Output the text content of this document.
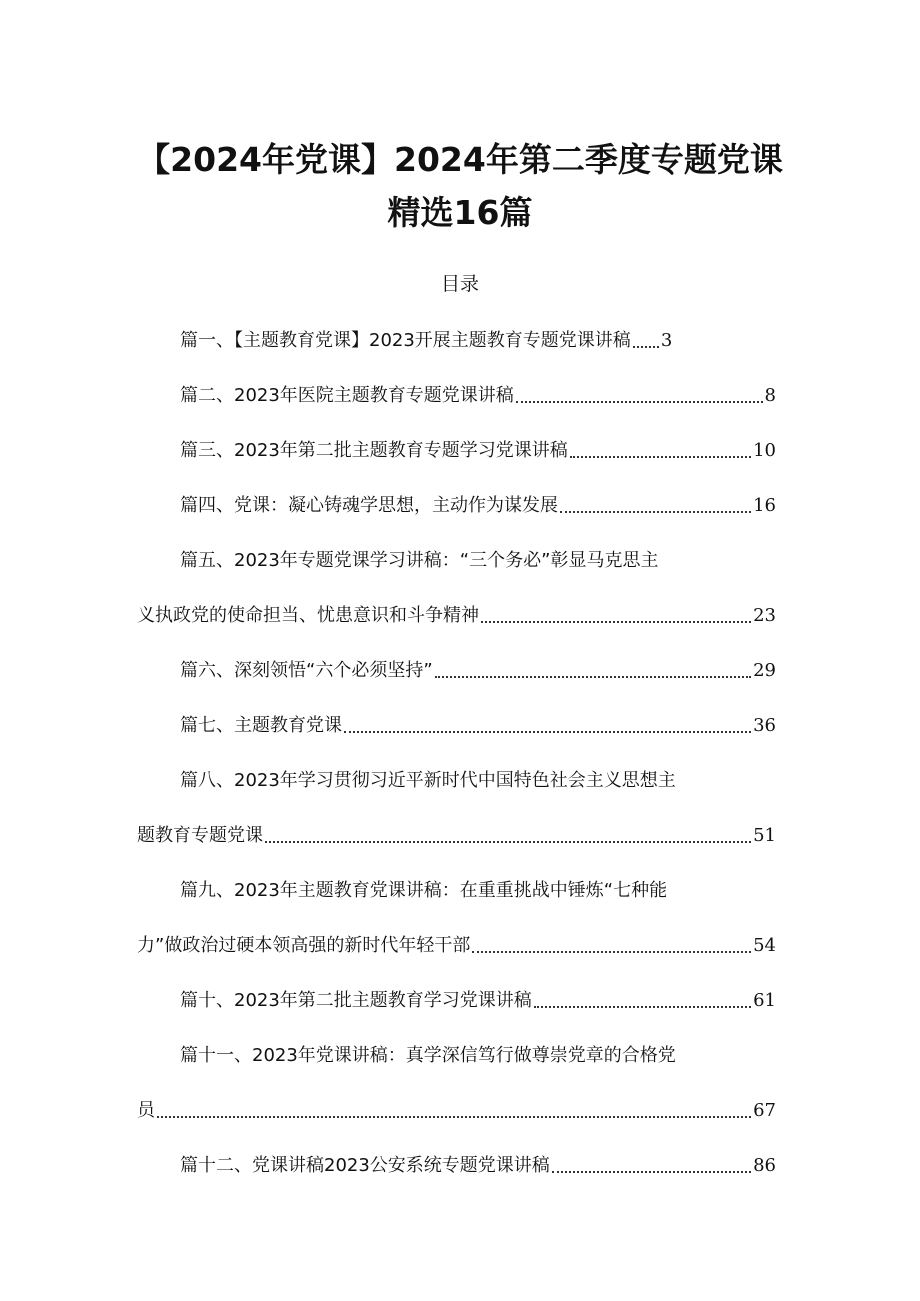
【2024年党课】2024年第二季度专题党课
精选16篇
目录
篇一、【主题教育党课】2023开展主题教育专题党课讲稿 3
篇二、2023年医院主题教育专题党课讲稿	8
篇三、2023年第二批主题教育专题学习党课讲稿	10
篇四、党课：凝心铸魂学思想，主动作为谋发展	16
篇五、2023年专题党课学习讲稿：“三个务必”彰显马克思主
义执政党的使命担当、忧患意识和斗争精神	23
篇六、深刻领悟“六个必须坚持”	29
篇七、主题教育党课	36
篇八、2023年学习贯彻习近平新时代中国特色社会主义思想主
题教育专题党课	51
篇九、2023年主题教育党课讲稿：在重重挑战中锤炼“七种能
力”做政治过硬本领高强的新时代年轻干部	54
篇十、2023年第二批主题教育学习党课讲稿	61
篇十一、2023年党课讲稿：真学深信笃行做尊崇党章的合格党
员	67
篇十二、党课讲稿2023公安系统专题党课讲稿	86
